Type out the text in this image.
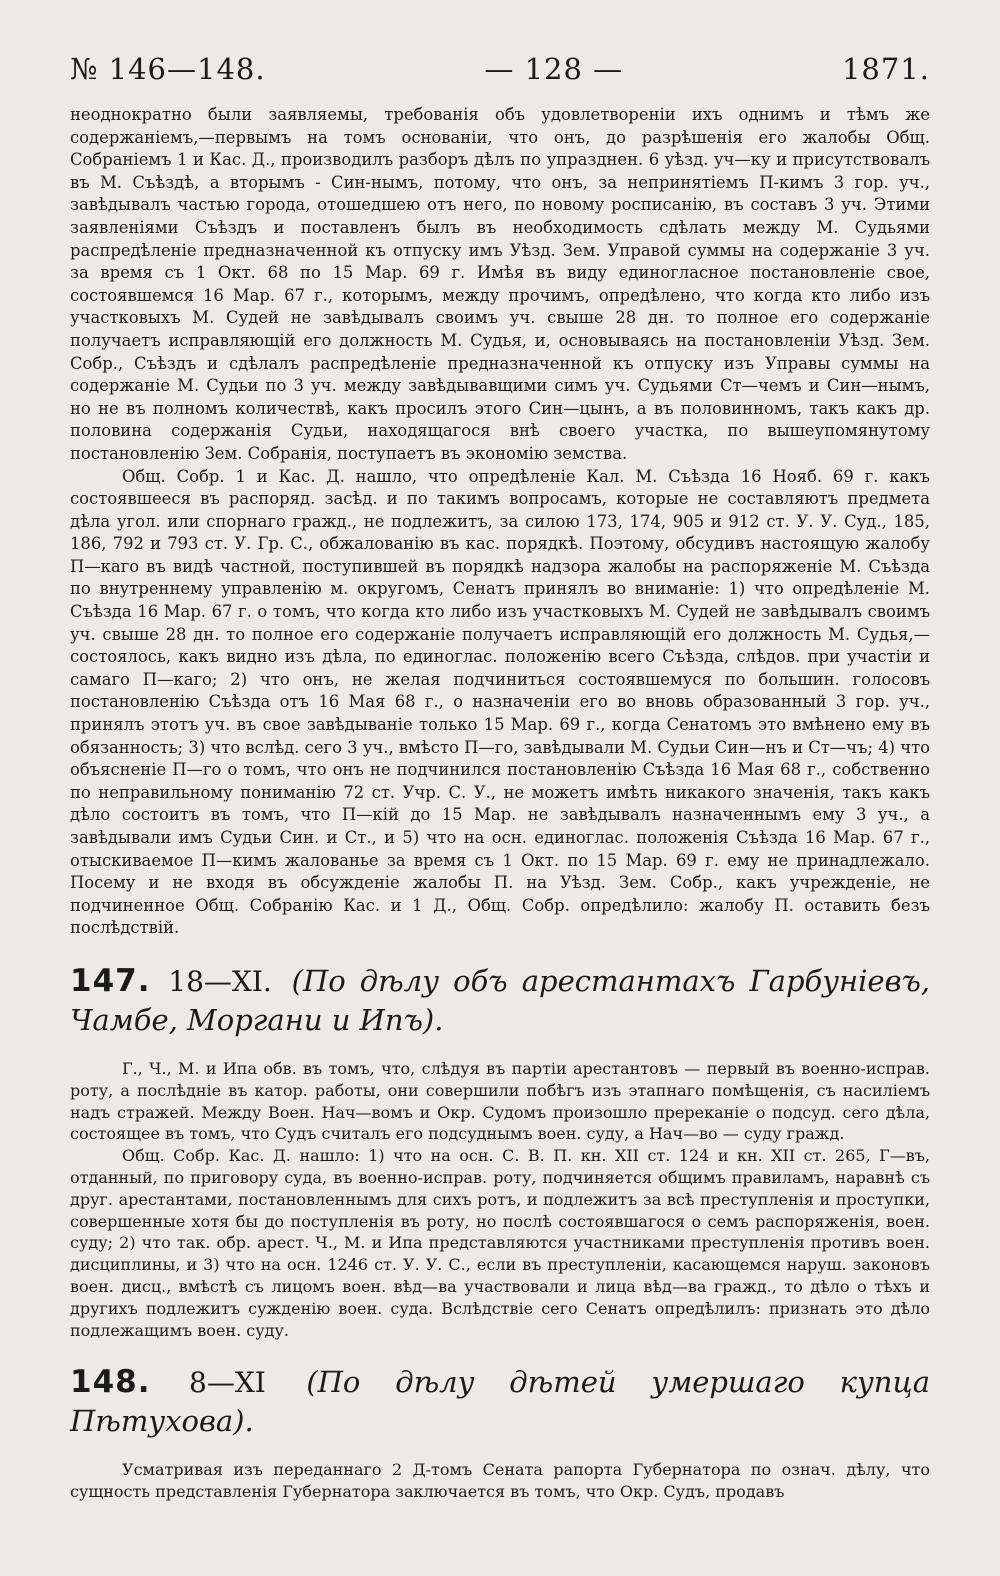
№ 146—148.	— 128 —	1871.

неоднократно были заявляемы, требованія объ удовлетвореніи ихъ однимъ и тѣмъ же содержаніемъ,—первымъ на томъ основаніи, что онъ, до разрѣшенія его жалобы Общ. Собраніемъ 1 и Кас. Д., производилъ разборъ дѣлъ по упразднен. 6 уѣзд. уч—ку и присутствовалъ въ М. Съѣздѣ, а вторымъ - Син-нымъ, потому, что онъ, за непринятіемъ П-кимъ 3 гор. уч., завѣдывалъ частью города, отошедшею отъ него, по новому росписанію, въ составъ 3 уч. Этими заявленіями Съѣздъ и поставленъ былъ въ необходимость сдѣлать между М. Судьями распредѣленіе предназначенной къ отпуску имъ Уѣзд. Зем. Управой суммы на содержаніе 3 уч. за время съ 1 Окт. 68 по 15 Мар. 69 г. Имѣя въ виду единогласное постановленіе свое, состоявшемся 16 Мар. 67 г., которымъ, между прочимъ, опредѣлено, что когда кто либо изъ участковыхъ М. Судей не завѣдывалъ своимъ уч. свыше 28 дн. то полное его содержаніе получаетъ исправляющій его должность М. Судья, и, основываясь на постановленіи Уѣзд. Зем. Собр., Съѣздъ и сдѣлалъ распредѣленіе предназначенной къ отпуску изъ Управы суммы на содержаніе М. Судьи по 3 уч. между завѣдывавщими симъ уч. Судьями Ст—чемъ и Син—нымъ, но не въ полномъ количествѣ, какъ просилъ этого Син—цынъ, а въ половинномъ, такъ какъ др. половина содержанія Судьи, находящагося внѣ своего участка, по вышеупомянутому постановленію Зем. Собранія, поступаетъ въ экономію земства.

Общ. Собр. 1 и Кас. Д. нашло, что опредѣленіе Кал. М. Съѣзда 16 Нояб. 69 г. какъ состоявшееся въ распоряд. засѣд. и по такимъ вопросамъ, которые не составляютъ предмета дѣла угол. или спорнаго гражд., не подлежитъ, за силою 173, 174, 905 и 912 ст. У. У. Суд., 185, 186, 792 и 793 ст. У. Гр. С., обжалованію въ кас. порядкѣ. Поэтому, обсудивъ настоящую жалобу П—каго въ видѣ частной, поступившей въ порядкѣ надзора жалобы на распоряженіе М. Съѣзда по внутреннему управленію м. округомъ, Сенатъ принялъ во вниманіе: 1) что опредѣленіе М. Съѣзда 16 Мар. 67 г. о томъ, что когда кто либо изъ участковыхъ М. Судей не завѣдывалъ своимъ уч. свыше 28 дн. то полное его содержаніе получаетъ исправляющій его должность М. Судья,—состоялось, какъ видно изъ дѣла, по единоглас. положенію всего Съѣзда, слѣдов. при участіи и самаго П—каго; 2) что онъ, не желая подчиниться состоявшемуся по большин. голосовъ постановленію Съѣзда отъ 16 Мая 68 г., о назначеніи его во вновь образованный 3 гор. уч., принялъ этотъ уч. въ свое завѣдываніе только 15 Мар. 69 г., когда Сенатомъ это вмѣнено ему въ обязанность; 3) что вслѣд. сего 3 уч., вмѣсто П—го, завѣдывали М. Судьи Син—нъ и Ст—чъ; 4) что объясненіе П—го о томъ, что онъ не подчинился постановленію Съѣзда 16 Мая 68 г., собственно по неправильному пониманію 72 ст. Учр. С. У., не можетъ имѣть никакого значенія, такъ какъ дѣло состоитъ въ томъ, что П—кій до 15 Мар. не завѣдывалъ назначеннымъ ему 3 уч., а завѣдывали имъ Судьи Син. и Ст., и 5) что на осн. единоглас. положенія Съѣзда 16 Мар. 67 г., отыскиваемое П—кимъ жалованье за время съ 1 Окт. по 15 Мар. 69 г. ему не принадлежало. Посему и не входя въ обсужденіе жалобы П. на Уѣзд. Зем. Собр., какъ учрежденіе, не подчиненное Общ. Собранію Кас. и 1 Д., Общ. Собр. опредѣлило: жалобу П. оставить безъ послѣдствій.

147. 18—XI. (По дѣлу объ арестантахъ Гарбуніевъ, Чамбе, Моргани и Ипъ).

Г., Ч., М. и Ипа обв. въ томъ, что, слѣдуя въ партіи арестантовъ — первый въ военно-исправ. роту, а послѣдніе въ катор. работы, они совершили побѣгъ изъ этапнаго помѣщенія, съ насиліемъ надъ стражей. Между Воен. Нач—вомъ и Окр. Судомъ произошло пререканіе о подсуд. сего дѣла, состоящее въ томъ, что Судъ считалъ его подсуднымъ воен. суду, а Нач—во — суду гражд.

Общ. Собр. Кас. Д. нашло: 1) что на осн. С. В. П. кн. XII ст. 124 и кн. XII ст. 265, Г—въ, отданный, по приговору суда, въ военно-исправ. роту, подчиняется общимъ правиламъ, наравнѣ съ друг. арестантами, постановленнымъ для сихъ ротъ, и подлежитъ за всѣ преступленія и проступки, совершенные хотя бы до поступленія въ роту, но послѣ состоявшагося о семъ распоряженія, воен. суду; 2) что так. обр. арест. Ч., М. и Ипа представляются участниками преступленія противъ воен. дисциплины, и 3) что на осн. 1246 ст. У. У. С., если въ преступленіи, касающемся наруш. законовъ воен. дисц., вмѣстѣ съ лицомъ воен. вѣд—ва участвовали и лица вѣд—ва гражд., то дѣло о тѣхъ и другихъ подлежитъ сужденію воен. суда. Вслѣдствіе сего Сенатъ опредѣлилъ: признать это дѣло подлежащимъ воен. суду.

148. 8—XI (По дѣлу дѣтей умершаго купца Пѣтухова).

Усматривая изъ переданнаго 2 Д-томъ Сената рапорта Губернатора по означ. дѣлу, что сущность представленія Губернатора заключается въ томъ, что Окр. Судъ, продавъ
